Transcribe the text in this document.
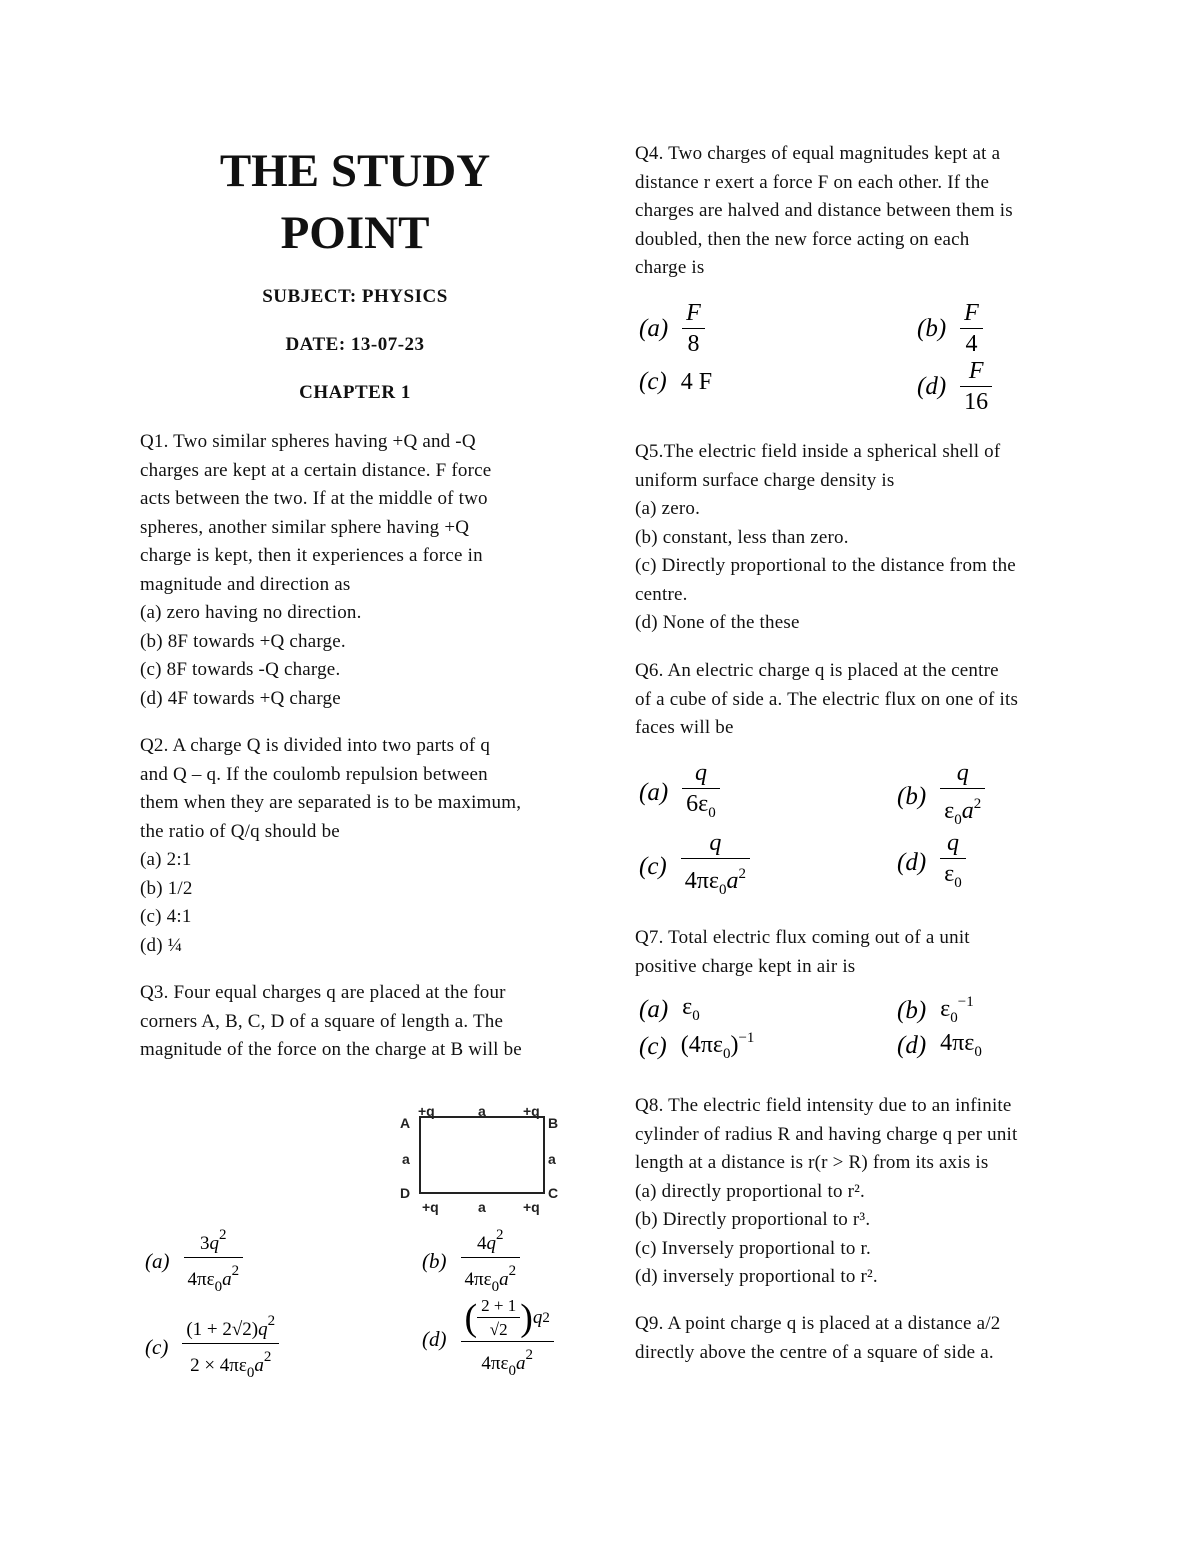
THE STUDY
POINT
SUBJECT: PHYSICS
DATE: 13-07-23
CHAPTER 1
Q1. Two similar spheres having +Q and -Q
charges are kept at a certain distance. F force
acts between the two. If at the middle of two
spheres, another similar sphere having +Q
charge is kept, then it experiences a force in
magnitude and direction as
(a) zero having no direction.
(b) 8F towards +Q charge.
(c) 8F towards -Q charge.
(d) 4F towards +Q charge
Q2. A charge Q is divided into two parts of q
and Q – q. If the coulomb repulsion between
them when they are separated is to be maximum,
the ratio of Q/q should be
(a) 2:1
(b) 1/2
(c) 4:1
(d) ¼
Q3. Four equal charges q are placed at the four
corners A, B, C, D of a square of length a. The
magnitude of the force on the charge at B will be
+q	a	+q
A	B
a	a
D	C
+q	a	+q
$(a) \frac{3q^2}{4\pi\varepsilon_0a^2}$	$(b) \frac{4q^2}{4\pi\varepsilon_0a^2}$
$(c) \frac{(1 + 2√2)q^2}{2 \times 4\pi\varepsilon_0a^2}$	$(d) \frac{( \frac{2 + 1}{√2} ) q 2}{4\pi\varepsilon_0a^2}$
Q4. Two charges of equal magnitudes kept at a
distance r exert a force F on each other. If the
charges are halved and distance between them is
doubled, then the new force acting on each
charge is
$(a) \frac{F}{8}$	$(b) \frac{F}{4}$
(c) 4 F	$(d) \frac{F}{16}$
Q5.The electric field inside a spherical shell of
uniform surface charge density is
(a) zero.
(b) constant, less than zero.
(c) Directly proportional to the distance from the
centre.
(d) None of the these
Q6. An electric charge q is placed at the centre
of a cube of side a. The electric flux on one of its
faces will be
$(a) \frac{q}{6\varepsilon_0}$	$(b) \frac{q}{\varepsilon_0a^2}$
$(c) \frac{q}{4\pi\varepsilon_0a^2}$	$(d) \frac{q}{\varepsilon_0}$
Q7. Total electric flux coming out of a unit
positive charge kept in air is
(a) $\varepsilon_0$	(b) $\varepsilon_0^{-1}$
(c) $(4\pi\varepsilon_0)^{-1}$	(d) $4\pi\varepsilon_0$
Q8. The electric field intensity due to an infinite
cylinder of radius R and having charge q per unit
length at a distance is r(r > R) from its axis is
(a) directly proportional to r².
(b) Directly proportional to r³.
(c) Inversely proportional to r.
(d) inversely proportional to r².
Q9. A point charge q is placed at a distance a/2
directly above the centre of a square of side a.
